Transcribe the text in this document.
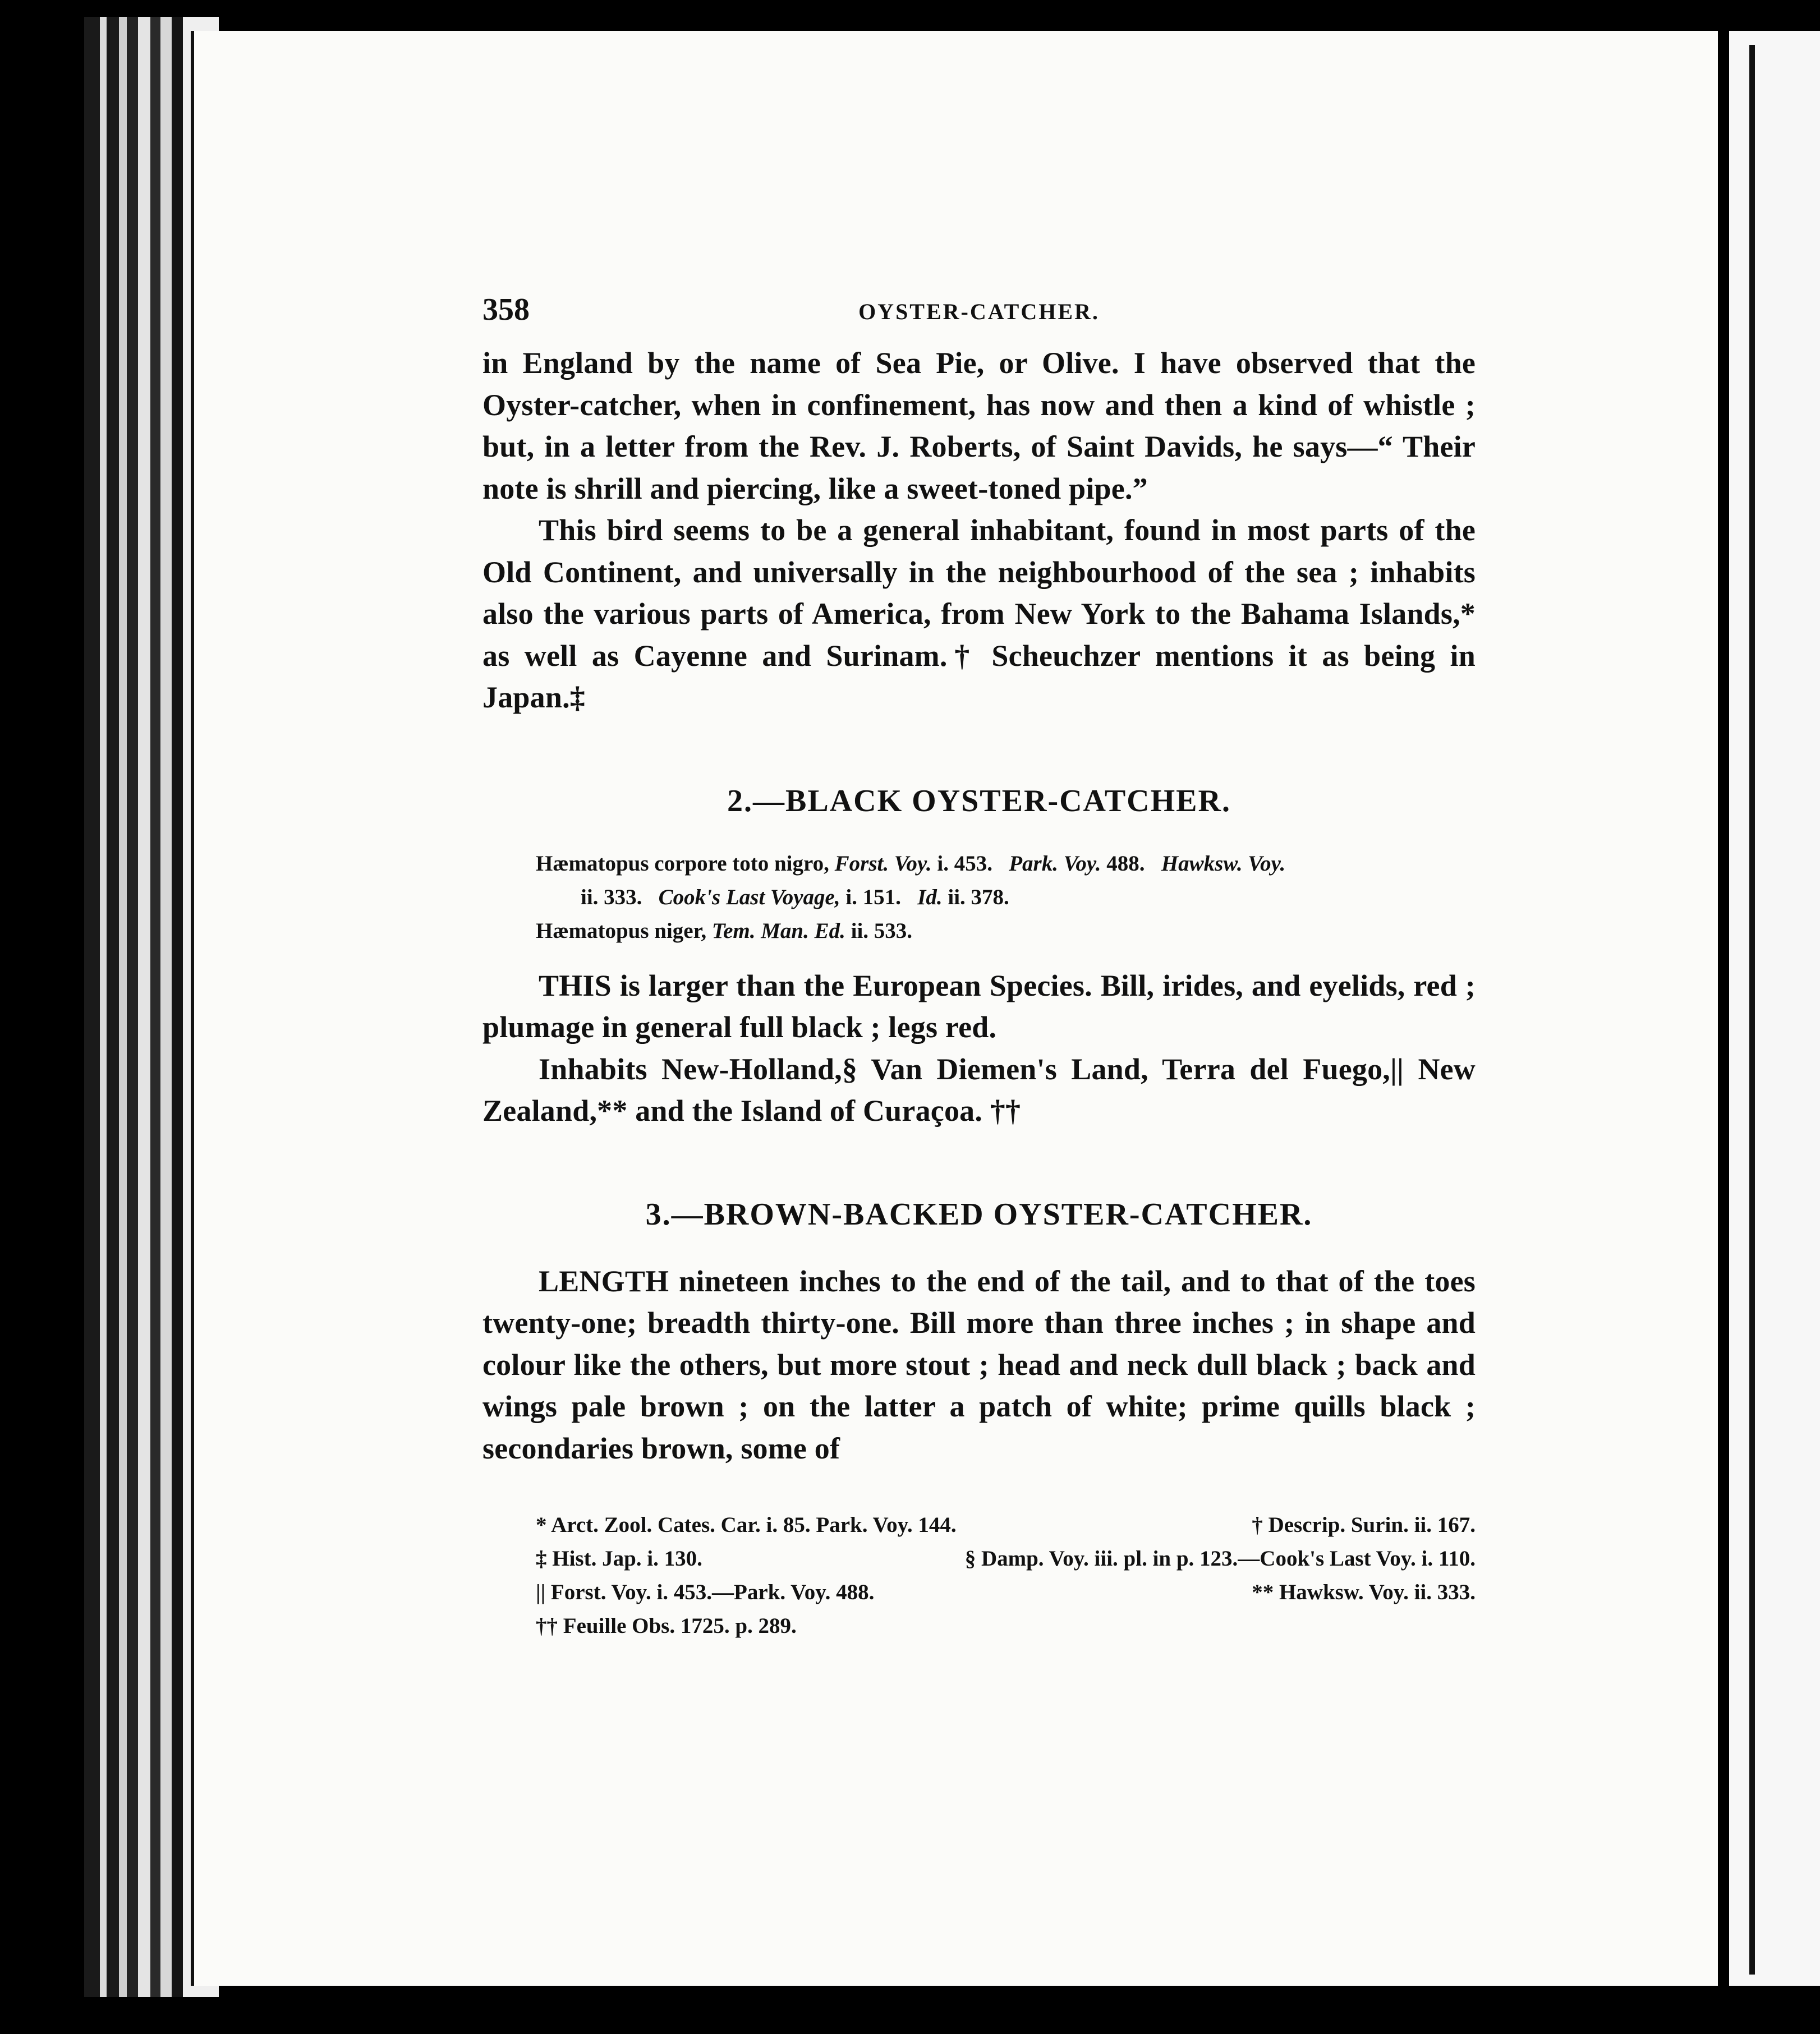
358	OYSTER-CATCHER.

in England by the name of Sea Pie, or Olive. I have observed that the Oyster-catcher, when in confinement, has now and then a kind of whistle ; but, in a letter from the Rev. J. Roberts, of Saint Davids, he says—“ Their note is shrill and piercing, like a sweet-toned pipe.”

This bird seems to be a general inhabitant, found in most parts of the Old Continent, and universally in the neighbourhood of the sea ; inhabits also the various parts of America, from New York to the Bahama Islands,* as well as Cayenne and Surinam.† Scheuchzer mentions it as being in Japan.‡

2.—BLACK OYSTER-CATCHER.
Hæmatopus corpore toto nigro, Forst. Voy. i. 453. Park. Voy. 488. Hawksw. Voy.
ii. 333. Cook's Last Voyage, i. 151. Id. ii. 378.
Hæmatopus niger, Tem. Man. Ed. ii. 533.

THIS is larger than the European Species. Bill, irides, and eyelids, red ; plumage in general full black ; legs red.

Inhabits New-Holland,§ Van Diemen's Land, Terra del Fuego,|| New Zealand,** and the Island of Curaçoa. ††

3.—BROWN-BACKED OYSTER-CATCHER.

LENGTH nineteen inches to the end of the tail, and to that of the toes twenty-one; breadth thirty-one. Bill more than three inches ; in shape and colour like the others, but more stout ; head and neck dull black ; back and wings pale brown ; on the latter a patch of white; prime quills black ; secondaries brown, some of

* Arct. Zool. Cates. Car. i. 85. Park. Voy. 144.	† Descrip. Surin. ii. 167.
‡ Hist. Jap. i. 130.	§ Damp. Voy. iii. pl. in p. 123.—Cook's Last Voy. i. 110.
|| Forst. Voy. i. 453.—Park. Voy. 488.	** Hawksw. Voy. ii. 333.
†† Feuille Obs. 1725. p. 289.
